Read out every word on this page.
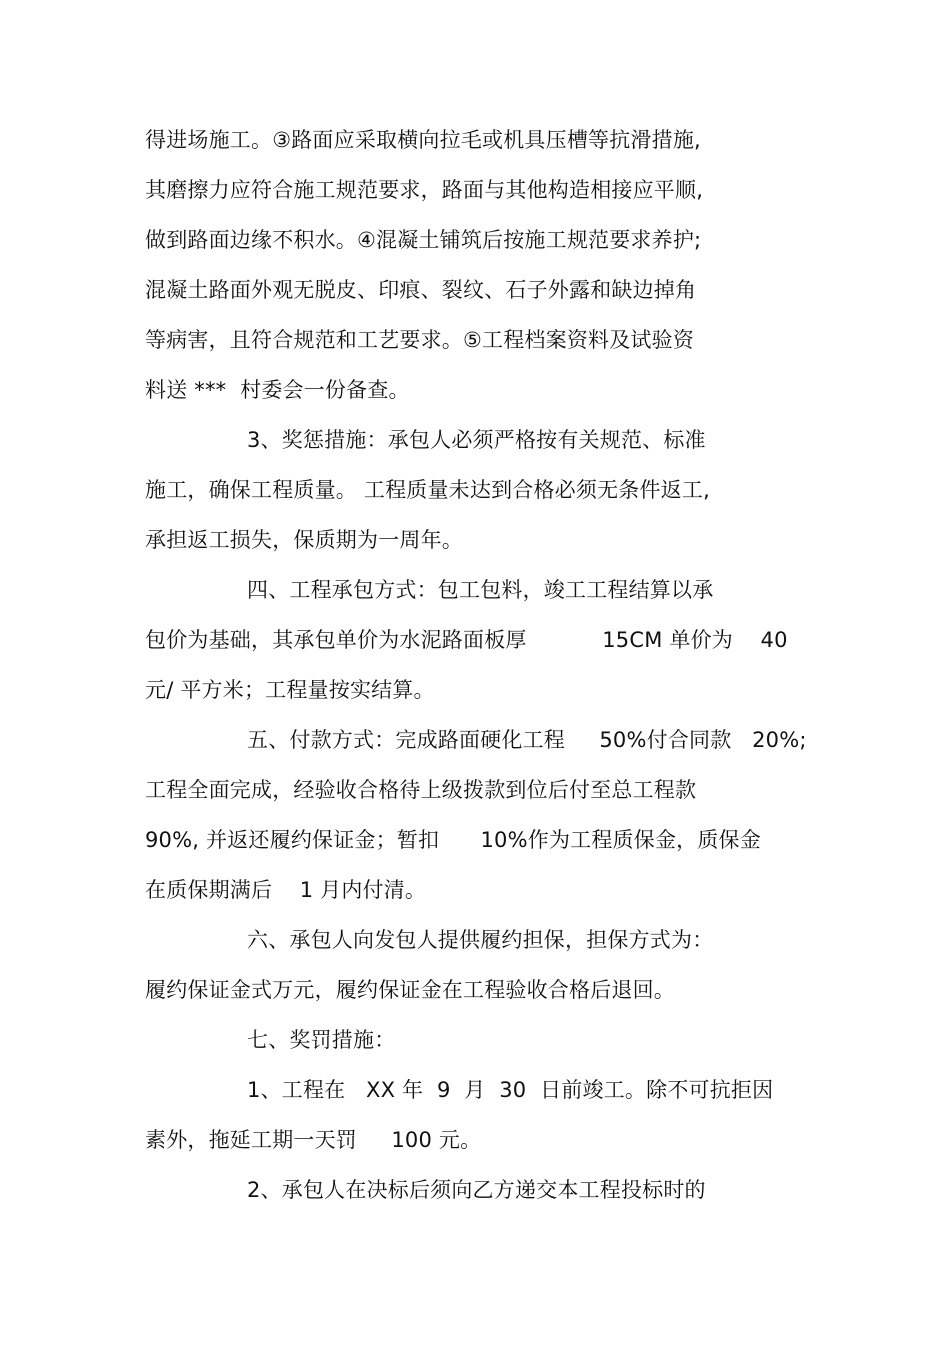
得进场施工。③路面应采取横向拉毛或机具压槽等抗滑措施,
其磨擦力应符合施工规范要求，路面与其他构造相接应平顺,
做到路面边缘不积水。④混凝土铺筑后按施工规范要求养护;
混凝土路面外观无脱皮、印痕、裂纹、石子外露和缺边掉角
等病害，且符合规范和工艺要求。⑤工程档案资料及试验资
料送 ***  村委会一份备查。
3、奖惩措施：承包人必须严格按有关规范、标准
施工，确保工程质量。 工程质量未达到合格必须无条件返工,
承担返工损失，保质期为一周年。
四、工程承包方式：包工包料，竣工工程结算以承
包价为基础，其承包单价为水泥路面板厚           15CM 单价为    40
元/ 平方米；工程量按实结算。
五、付款方式：完成路面硬化工程     50%付合同款   20%;
工程全面完成，经验收合格待上级拨款到位后付至总工程款
90%, 并返还履约保证金；暂扣      10%作为工程质保金，质保金
在质保期满后    1 月内付清。
六、承包人向发包人提供履约担保，担保方式为：
履约保证金式万元，履约保证金在工程验收合格后退回。
七、奖罚措施：
1、工程在   XX 年  9  月  30  日前竣工。除不可抗拒因
素外，拖延工期一天罚     100 元。
2、承包人在决标后须向乙方递交本工程投标时的
